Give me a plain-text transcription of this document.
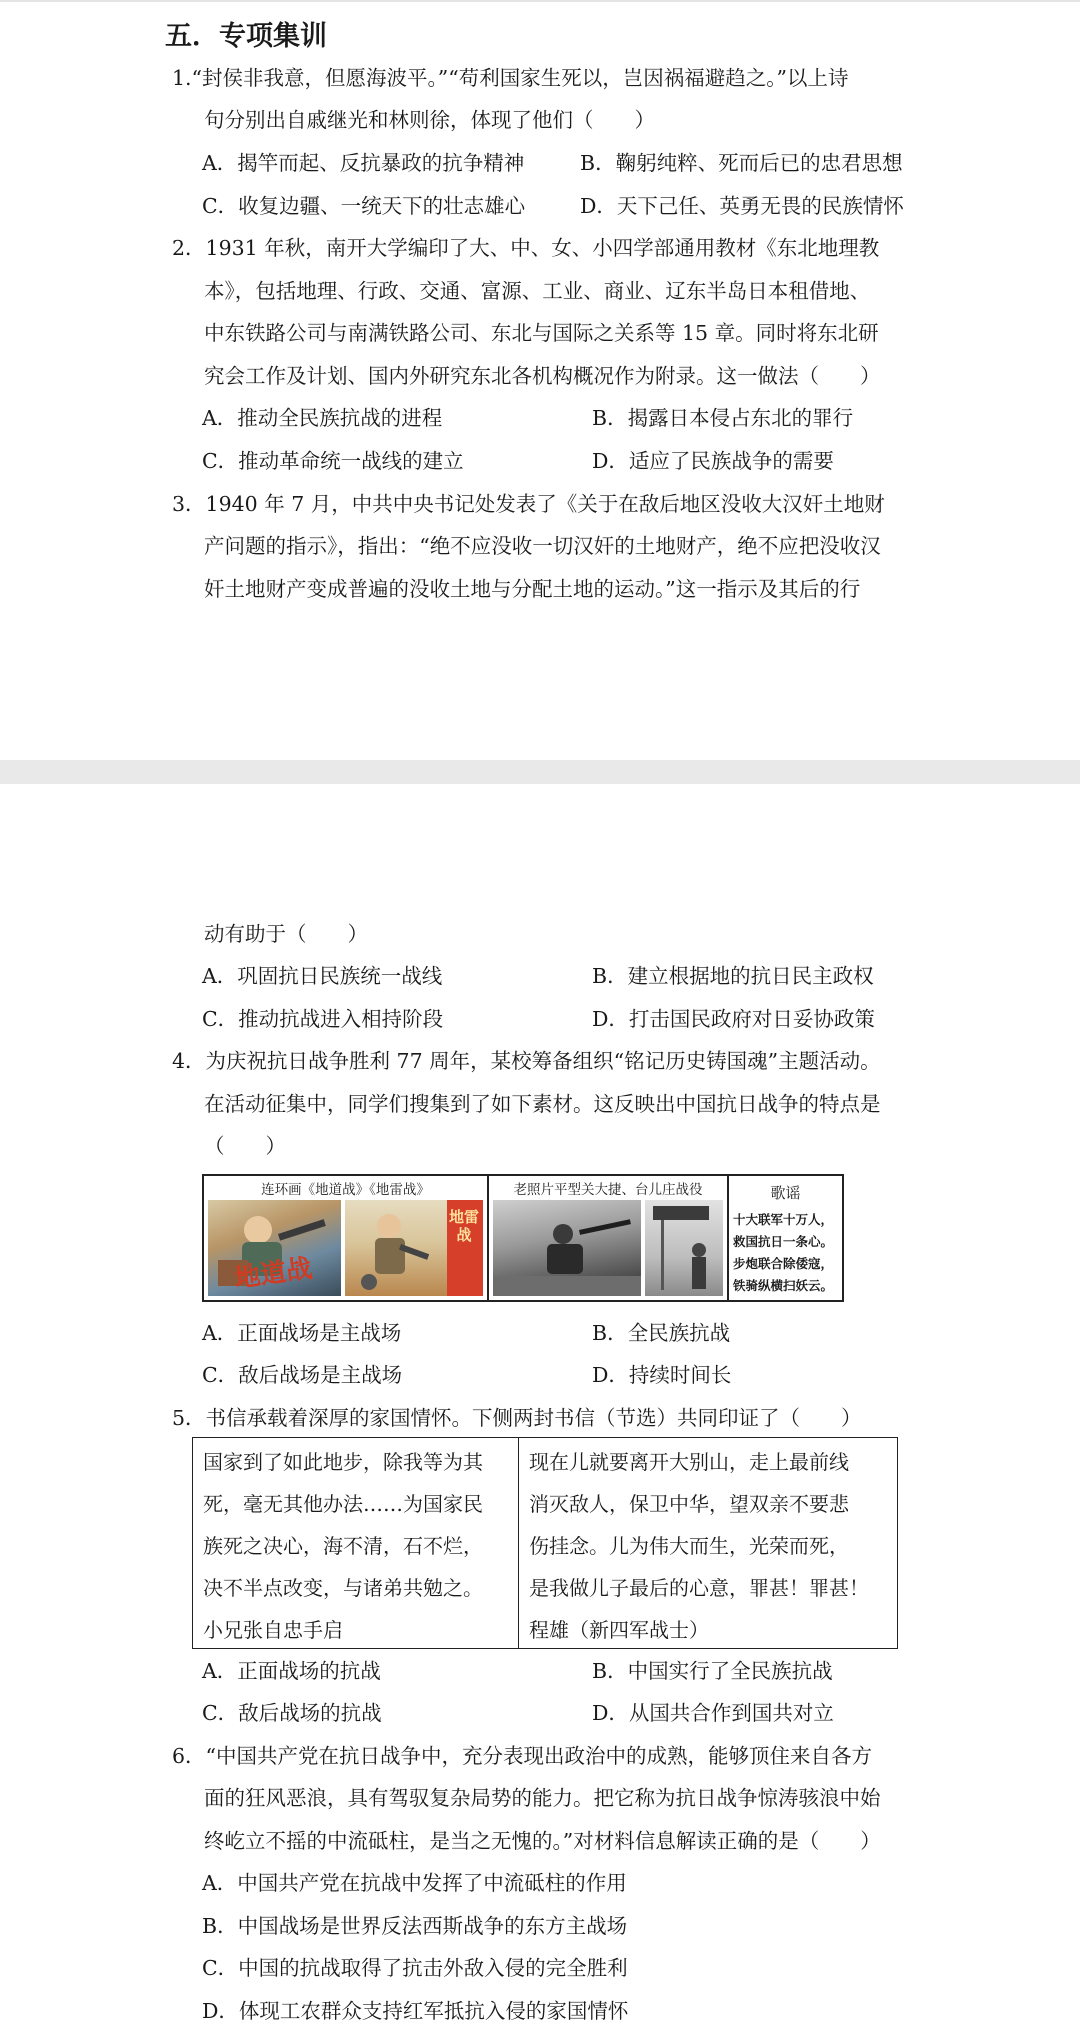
五．专项集训
1.“封侯非我意，但愿海波平。”“苟利国家生死以，岂因祸福避趋之。”以上诗
句分别出自戚继光和林则徐，体现了他们（　　）
A．揭竿而起、反抗暴政的抗争精神	B．鞠躬纯粹、死而后已的忠君思想
C．收复边疆、一统天下的壮志雄心	D．天下己任、英勇无畏的民族情怀
2．1931 年秋，南开大学编印了大、中、女、小四学部通用教材《东北地理教
本》，包括地理、行政、交通、富源、工业、商业、辽东半岛日本租借地、
中东铁路公司与南满铁路公司、东北与国际之关系等 15 章。同时将东北研
究会工作及计划、国内外研究东北各机构概况作为附录。这一做法（　　）
A．推动全民族抗战的进程	B．揭露日本侵占东北的罪行
C．推动革命统一战线的建立	D．适应了民族战争的需要
3．1940 年 7 月，中共中央书记处发表了《关于在敌后地区没收大汉奸土地财
产问题的指示》，指出：“绝不应没收一切汉奸的土地财产，绝不应把没收汉
奸土地财产变成普遍的没收土地与分配土地的运动。”这一指示及其后的行
动有助于（　　）
A．巩固抗日民族统一战线	B．建立根据地的抗日民主政权
C．推动抗战进入相持阶段	D．打击国民政府对日妥协政策
4．为庆祝抗日战争胜利 77 周年，某校筹备组织“铭记历史铸国魂”主题活动。
在活动征集中，同学们搜集到了如下素材。这反映出中国抗日战争的特点是
（　　）
连环画《地道战》《地雷战》
地道战
地雷战
老照片平型关大捷、台儿庄战役	歌谣
十大联军十万人，
救国抗日一条心。
步炮联合除倭寇，
铁骑纵横扫妖云。
A．正面战场是主战场	B．全民族抗战
C．敌后战场是主战场	D．持续时间长
5．书信承载着深厚的家国情怀。下侧两封书信（节选）共同印证了（　　）
国家到了如此地步，除我等为其
死，毫无其他办法……为国家民
族死之决心，海不清，石不烂，
决不半点改变，与诸弟共勉之。
小兄张自忠手启
现在儿就要离开大别山，走上最前线
消灭敌人，保卫中华，望双亲不要悲
伤挂念。儿为伟大而生，光荣而死，
是我做儿子最后的心意，罪甚！罪甚！
程雄（新四军战士）
A．正面战场的抗战	B．中国实行了全民族抗战
C．敌后战场的抗战	D．从国共合作到国共对立
6．“中国共产党在抗日战争中，充分表现出政治中的成熟，能够顶住来自各方
面的狂风恶浪，具有驾驭复杂局势的能力。把它称为抗日战争惊涛骇浪中始
终屹立不摇的中流砥柱，是当之无愧的。”对材料信息解读正确的是（　　）
A．中国共产党在抗战中发挥了中流砥柱的作用
B．中国战场是世界反法西斯战争的东方主战场
C．中国的抗战取得了抗击外敌入侵的完全胜利
D．体现工农群众支持红军抵抗入侵的家国情怀
